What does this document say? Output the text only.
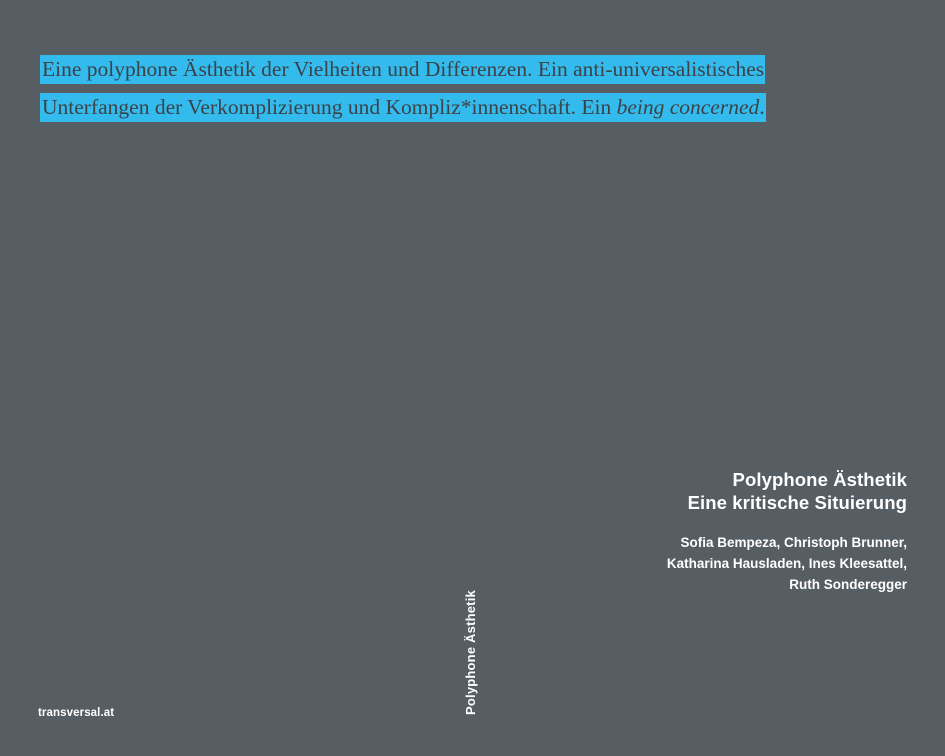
Eine polyphone Ästhetik der Vielheiten und Differenzen. Ein anti-universalistisches
Unterfangen der Verkomplizierung und Kompliz*innenschaft. Ein being concerned.
Polyphone Ästhetik
Eine kritische Situierung
Sofia Bempeza, Christoph Brunner,
Katharina Hausladen, Ines Kleesattel,
Ruth Sonderegger
Polyphone Ästhetik
transversal.at
